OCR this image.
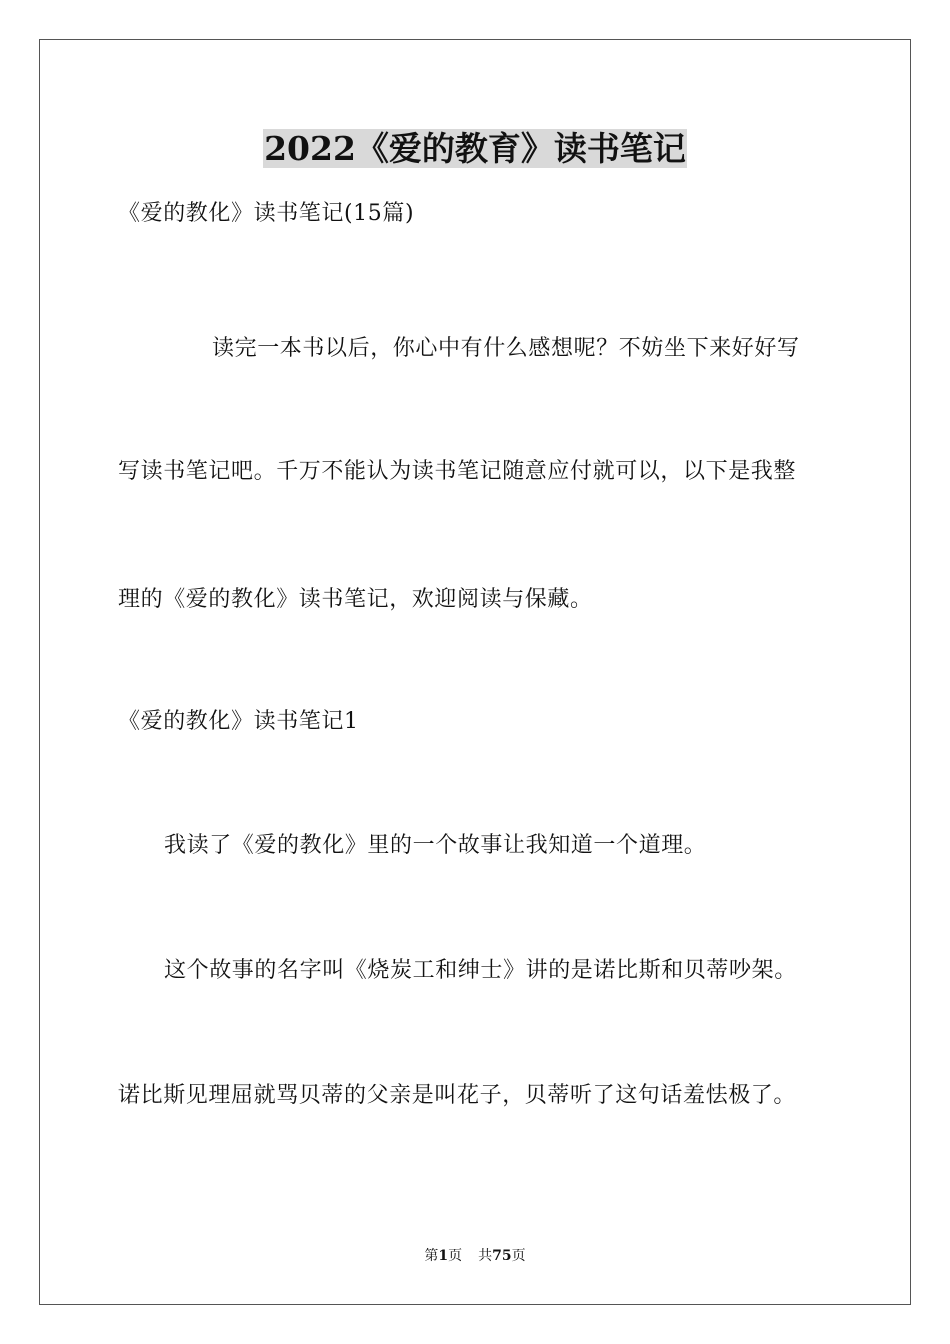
2022《爱的教育》读书笔记
《爱的教化》读书笔记(15篇)
读完一本书以后，你心中有什么感想呢？不妨坐下来好好写
写读书笔记吧。千万不能认为读书笔记随意应付就可以，以下是我整
理的《爱的教化》读书笔记，欢迎阅读与保藏。
《爱的教化》读书笔记1
我读了《爱的教化》里的一个故事让我知道一个道理。
这个故事的名字叫《烧炭工和绅士》讲的是诺比斯和贝蒂吵架。
诺比斯见理屈就骂贝蒂的父亲是叫花子，贝蒂听了这句话羞怯极了。
第1页 共75页
